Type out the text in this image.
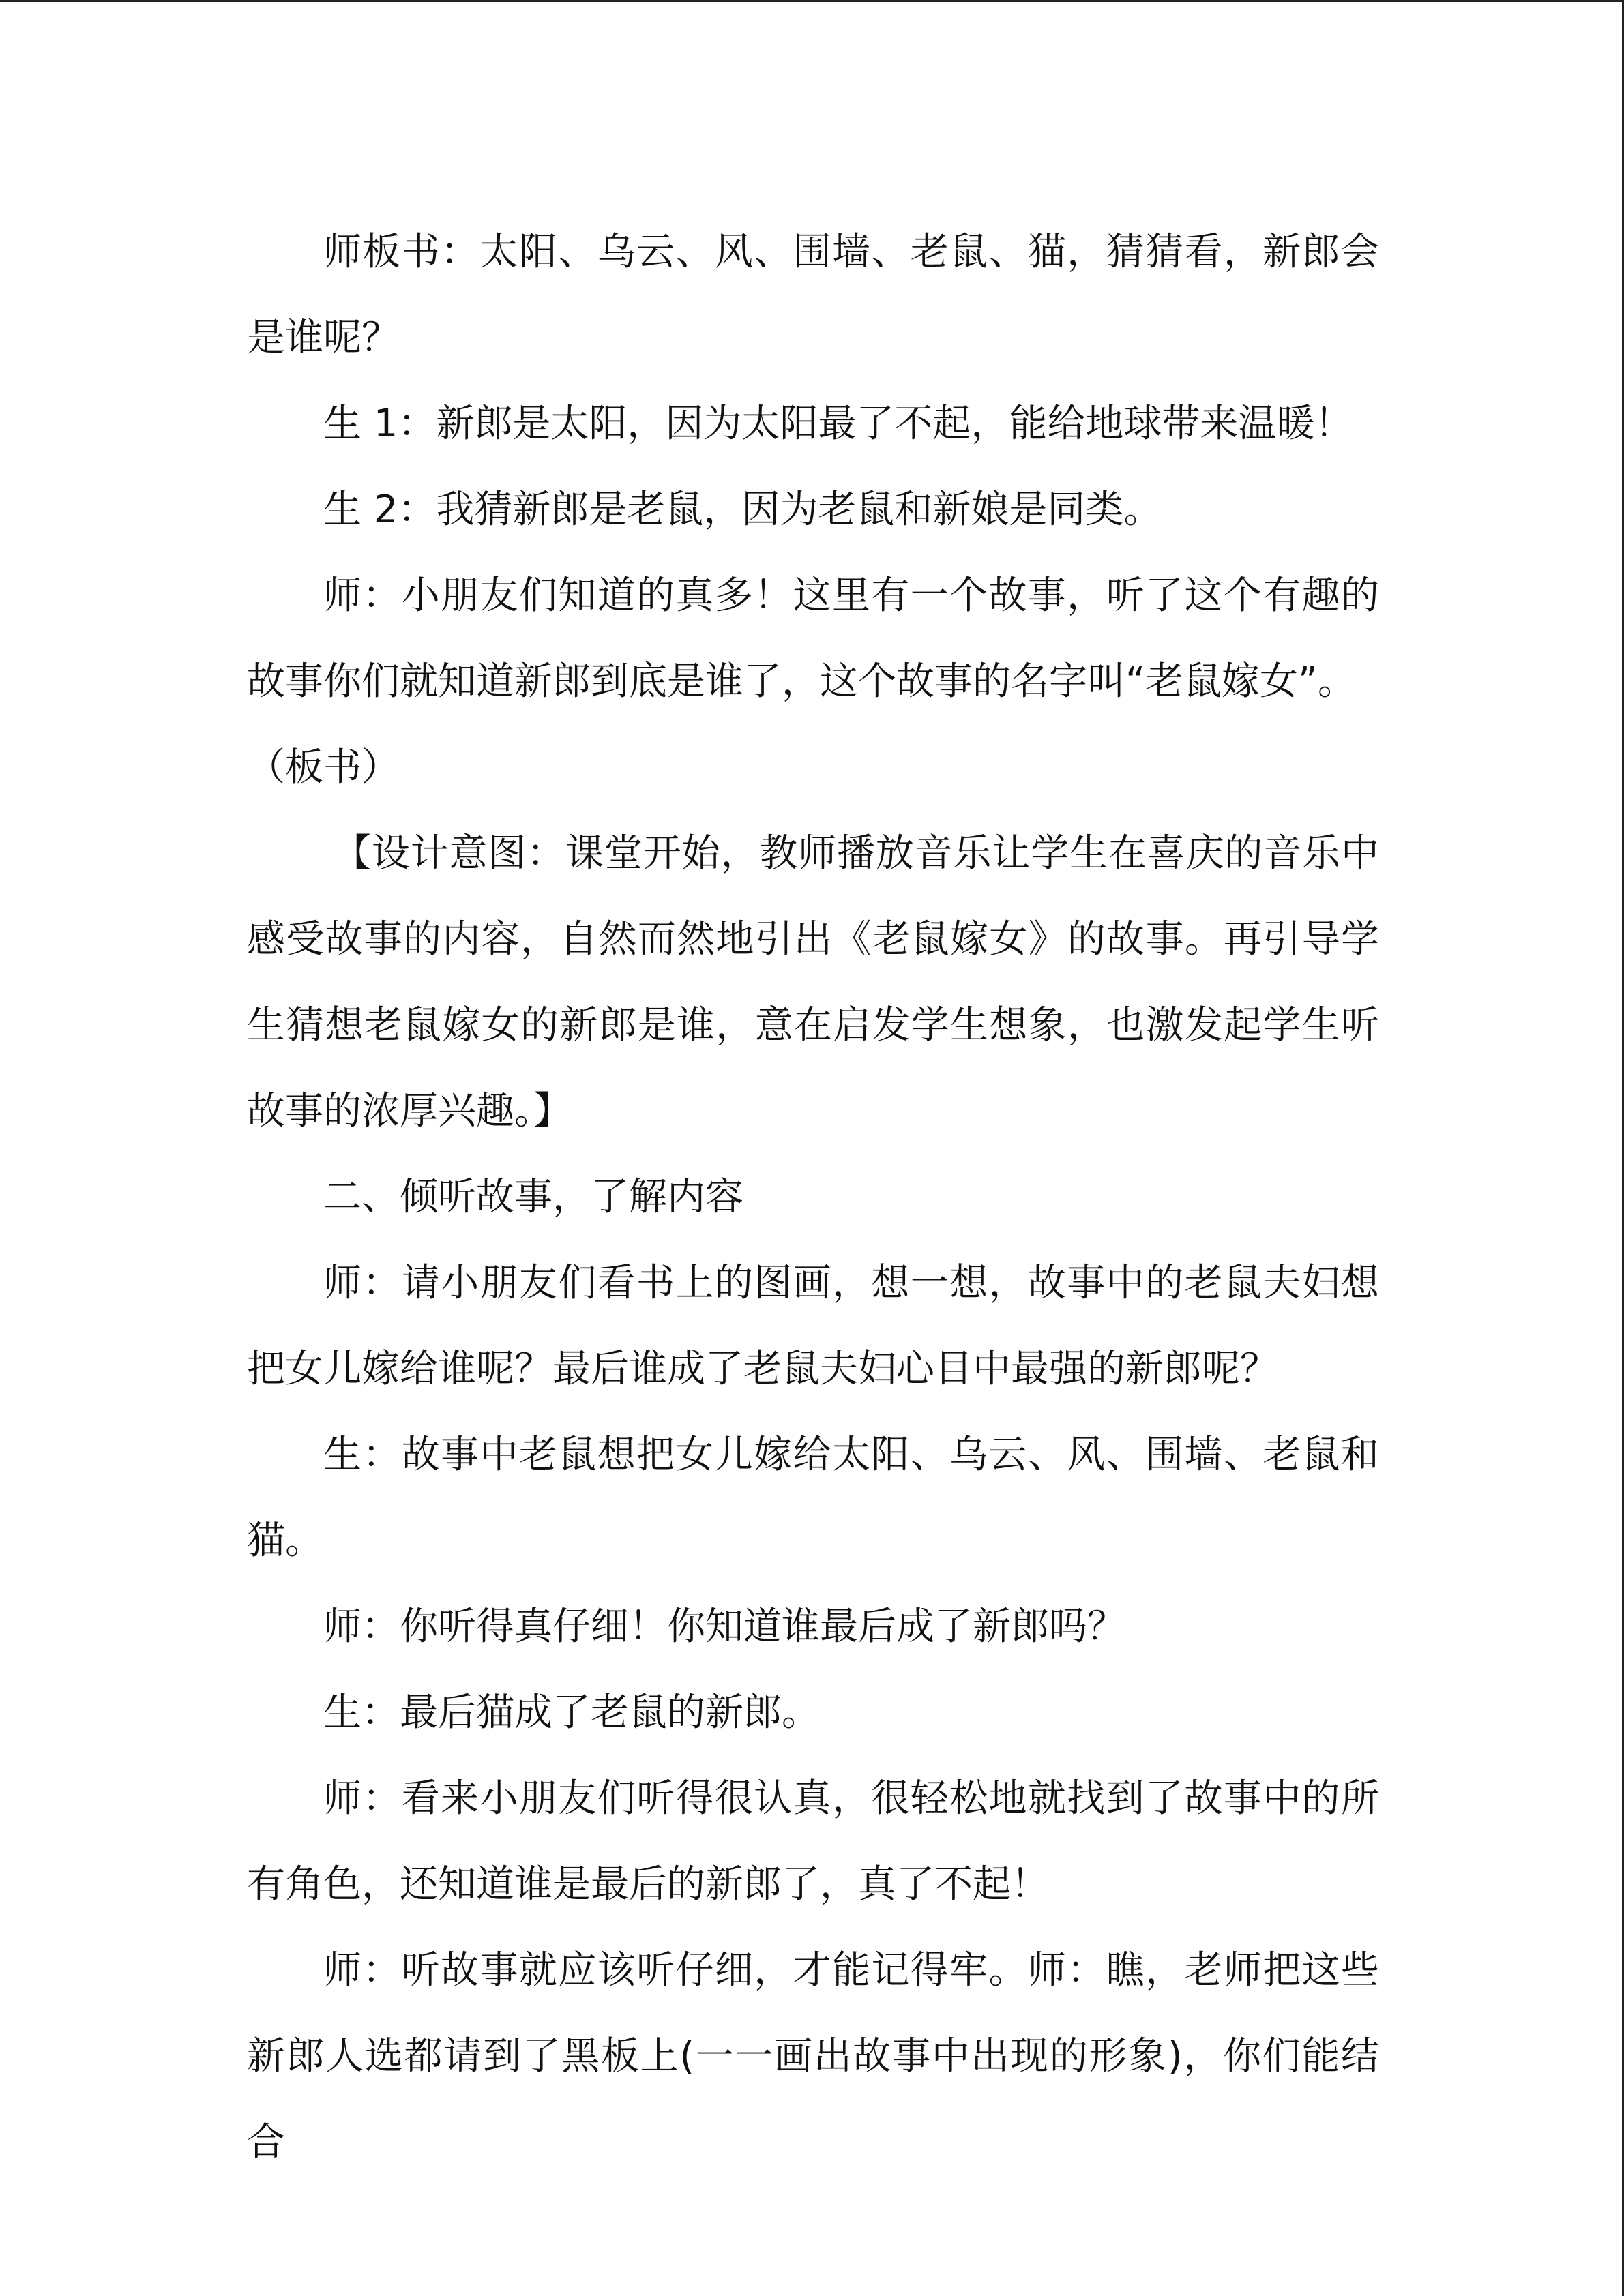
师板书：太阳、乌云、风、围墙、老鼠、猫，猜猜看，新郎会是谁呢？

生 1：新郎是太阳，因为太阳最了不起，能给地球带来温暖！

生 2：我猜新郎是老鼠，因为老鼠和新娘是同类。

师：小朋友们知道的真多！这里有一个故事，听了这个有趣的故事你们就知道新郎到底是谁了，这个故事的名字叫“老鼠嫁女”。

（板书）

【设计意图：课堂开始，教师播放音乐让学生在喜庆的音乐中感受故事的内容，自然而然地引出《老鼠嫁女》的故事。再引导学生猜想老鼠嫁女的新郎是谁，意在启发学生想象，也激发起学生听故事的浓厚兴趣。】

二、倾听故事，了解内容

师：请小朋友们看书上的图画，想一想，故事中的老鼠夫妇想把女儿嫁给谁呢？最后谁成了老鼠夫妇心目中最强的新郎呢？

生：故事中老鼠想把女儿嫁给太阳、乌云、风、围墙、老鼠和猫。

师：你听得真仔细！你知道谁最后成了新郎吗？

生：最后猫成了老鼠的新郎。

师：看来小朋友们听得很认真，很轻松地就找到了故事中的所有角色，还知道谁是最后的新郎了，真了不起！

师：听故事就应该听仔细，才能记得牢。师：瞧，老师把这些新郎人选都请到了黑板上(一一画出故事中出现的形象)，你们能结合
